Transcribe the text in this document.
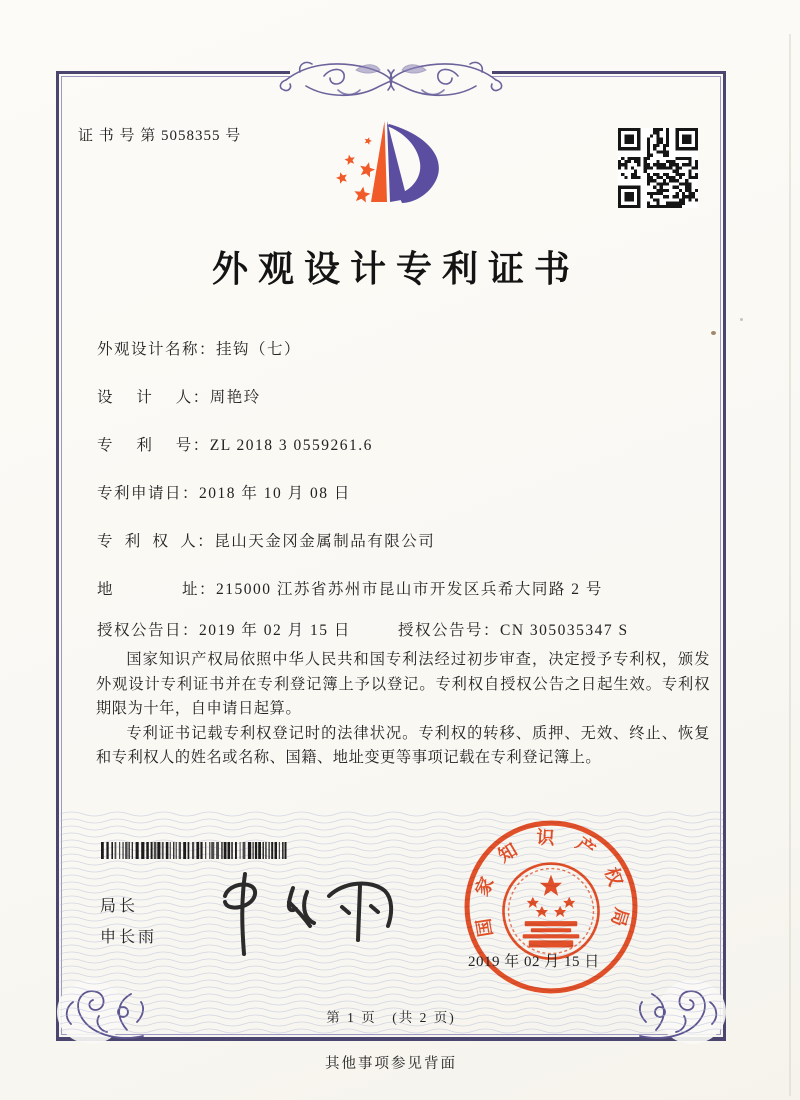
证 书 号 第 5058355 号
外观设计专利证书
外观设计名称：挂钩（七）
设　 计　 人：周艳玲
专　 利　 号：ZL 2018 3 0559261.6
专利申请日：2018 年 10 月 08 日
专  利  权  人：昆山天金冈金属制品有限公司
地　　　　址：215000 江苏省苏州市昆山市开发区兵希大同路 2 号
授权公告日：2019 年 02 月 15 日	授权公告号：CN 305035347 S

国家知识产权局依照中华人民共和国专利法经过初步审查，决定授予专利权，颁发外观设计专利证书并在专利登记簿上予以登记。专利权自授权公告之日起生效。专利权期限为十年，自申请日起算。

专利证书记载专利权登记时的法律状况。专利权的转移、质押、无效、终止、恢复和专利权人的姓名或名称、国籍、地址变更等事项记载在专利登记簿上。

局长
申长雨	国家知识产权局
2019 年 02 月 15 日
第 1 页　(共 2 页)
其他事项参见背面
